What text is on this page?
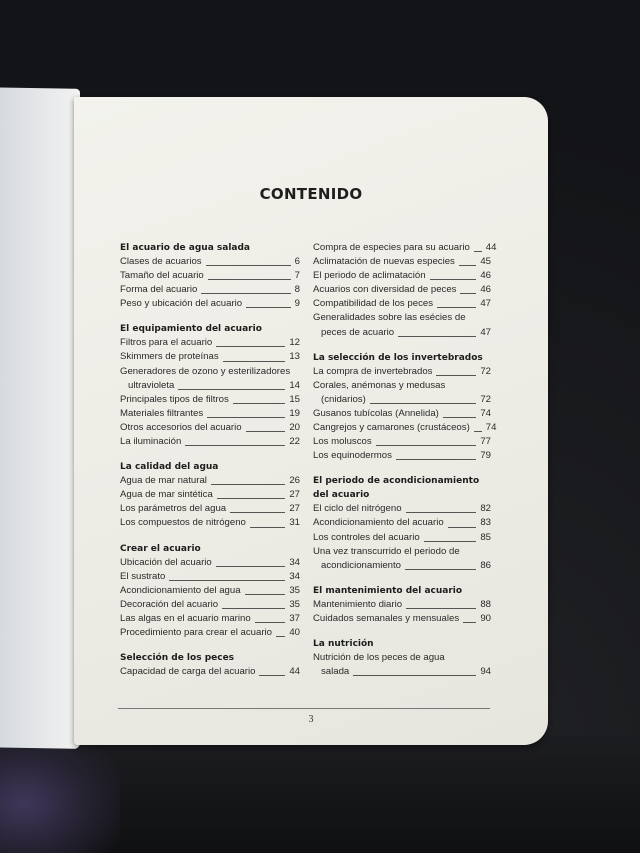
CONTENIDO
El acuario de agua salada
Clases de acuarios	6
Tamaño del acuario	7
Forma del acuario	8
Peso y ubicación del acuario	9
El equipamiento del acuario
Filtros para el acuario	12
Skimmers de proteínas	13
Generadores de ozono y esterilizadores
ultravioleta	14
Principales tipos de filtros	15
Materiales filtrantes	19
Otros accesorios del acuario	20
La iluminación	22
La calidad del agua
Agua de mar natural	26
Agua de mar sintética	27
Los parámetros del agua	27
Los compuestos de nitrógeno	31
Crear el acuario
Ubicación del acuario	34
El sustrato	34
Acondicionamiento del agua	35
Decoración del acuario	35
Las algas en el acuario marino	37
Procedimiento para crear el acuario 40
Selección de los peces
Capacidad de carga del acuario	44
Compra de especies para su acuario 44
Aclimatación de nuevas especies	45
El periodo de aclimatación	46
Acuarios con diversidad de peces 46
Compatibilidad de los peces	47
Generalidades sobre las esécies de
peces de acuario	47
La selección de los invertebrados
La compra de invertebrados	72
Corales, anémonas y medusas
(cnidarios)	72
Gusanos tubícolas (Annelida)	74
Cangrejos y camarones (crustáceos) 74
Los moluscos	77
Los equinodermos	79
El periodo de acondicionamiento del acuario
El ciclo del nitrógeno	82
Acondicionamiento del acuario	83
Los controles del acuario	85
Una vez transcurrido el periodo de
acondicionamiento	86
El mantenimiento del acuario
Mantenimiento diario	88
Cuidados semanales y mensuales 90
La nutrición
Nutrición de los peces de agua
salada	94
3
